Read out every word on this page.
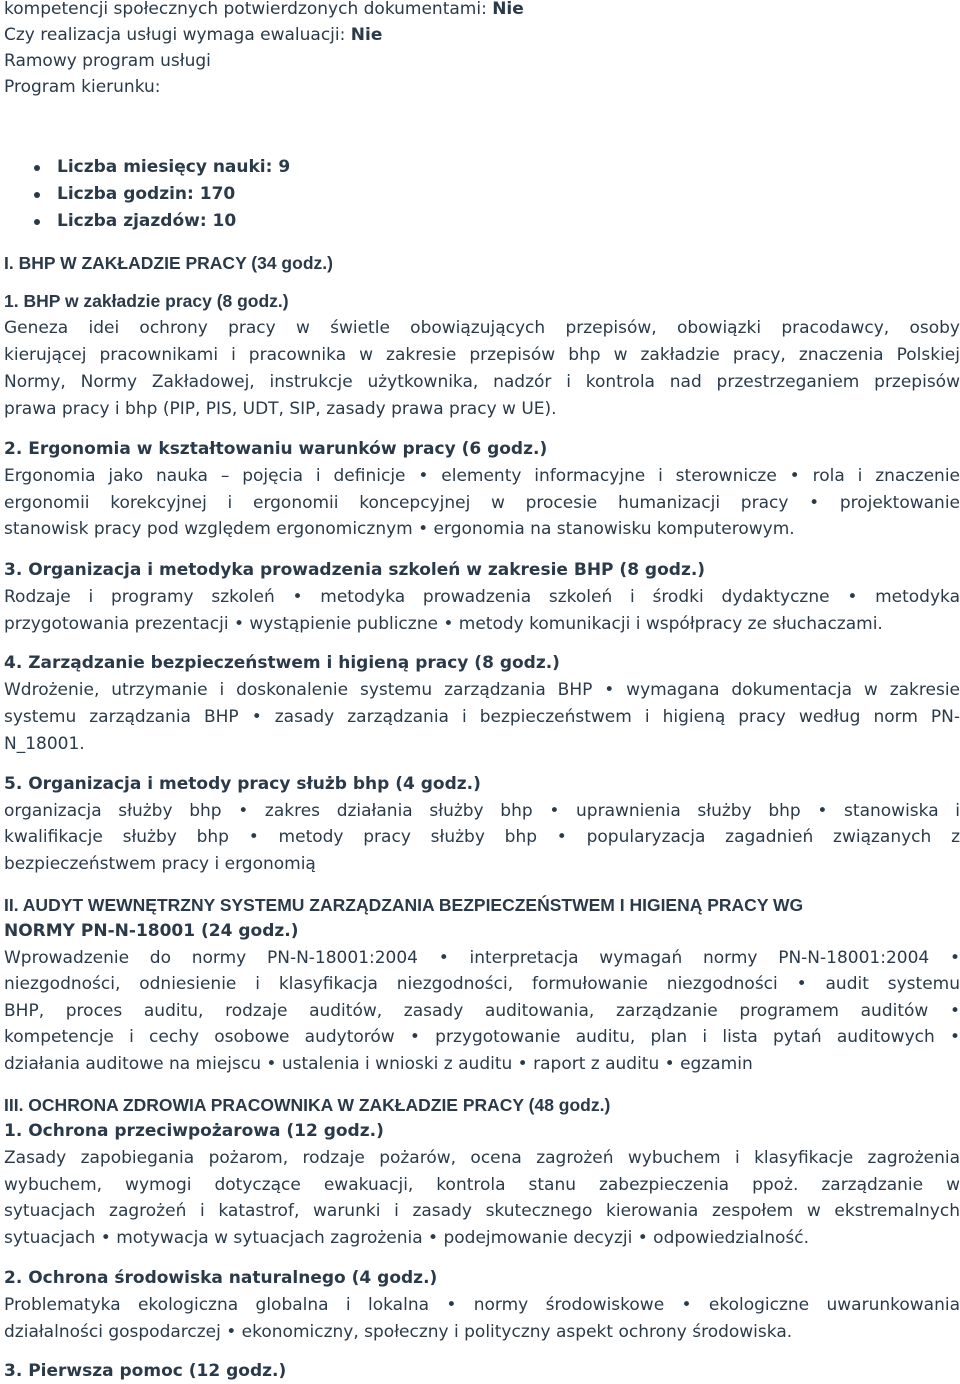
kompetencji społecznych potwierdzonych dokumentami: Nie
Czy realizacja usługi wymaga ewaluacji: Nie
Ramowy program usługi
Program kierunku:
Liczba miesięcy nauki: 9
Liczba godzin: 170
Liczba zjazdów: 10
I. BHP W ZAKŁADZIE PRACY (34 godz.)
1. BHP w zakładzie pracy (8 godz.)
Geneza idei ochrony pracy w świetle obowiązujących przepisów, obowiązki pracodawcy, osoby
kierującej pracownikami i pracownika w zakresie przepisów bhp w zakładzie pracy, znaczenia Polskiej
Normy, Normy Zakładowej, instrukcje użytkownika, nadzór i kontrola nad przestrzeganiem przepisów
prawa pracy i bhp (PIP, PIS, UDT, SIP, zasady prawa pracy w UE).
2. Ergonomia w kształtowaniu warunków pracy (6 godz.)
Ergonomia jako nauka – pojęcia i definicje • elementy informacyjne i sterownicze • rola i znaczenie
ergonomii korekcyjnej i ergonomii koncepcyjnej w procesie humanizacji pracy • projektowanie
stanowisk pracy pod względem ergonomicznym • ergonomia na stanowisku komputerowym.
3. Organizacja i metodyka prowadzenia szkoleń w zakresie BHP (8 godz.)
Rodzaje i programy szkoleń • metodyka prowadzenia szkoleń i środki dydaktyczne • metodyka
przygotowania prezentacji • wystąpienie publiczne • metody komunikacji i współpracy ze słuchaczami.
4. Zarządzanie bezpieczeństwem i higieną pracy (8 godz.)
Wdrożenie, utrzymanie i doskonalenie systemu zarządzania BHP • wymagana dokumentacja w zakresie
systemu zarządzania BHP • zasady zarządzania i bezpieczeństwem i higieną pracy według norm PN-
N_18001.
5. Organizacja i metody pracy służb bhp (4 godz.)
organizacja służby bhp • zakres działania służby bhp • uprawnienia służby bhp • stanowiska i
kwalifikacje służby bhp • metody pracy służby bhp • popularyzacja zagadnień związanych z
bezpieczeństwem pracy i ergonomią
II. AUDYT WEWNĘTRZNY SYSTEMU ZARZĄDZANIA BEZPIECZEŃSTWEM I HIGIENĄ PRACY WG
NORMY PN-N-18001 (24 godz.)
Wprowadzenie do normy PN-N-18001:2004 • interpretacja wymagań normy PN-N-18001:2004 •
niezgodności, odniesienie i klasyfikacja niezgodności, formułowanie niezgodności • audit systemu
BHP, proces auditu, rodzaje auditów, zasady auditowania, zarządzanie programem auditów •
kompetencje i cechy osobowe audytorów • przygotowanie auditu, plan i lista pytań auditowych •
działania auditowe na miejscu • ustalenia i wnioski z auditu • raport z auditu • egzamin
III. OCHRONA ZDROWIA PRACOWNIKA W ZAKŁADZIE PRACY (48 godz.)
1. Ochrona przeciwpożarowa (12 godz.)
Zasady zapobiegania pożarom, rodzaje pożarów, ocena zagrożeń wybuchem i klasyfikacje zagrożenia
wybuchem, wymogi dotyczące ewakuacji, kontrola stanu zabezpieczenia ppoż. zarządzanie w
sytuacjach zagrożeń i katastrof, warunki i zasady skutecznego kierowania zespołem w ekstremalnych
sytuacjach • motywacja w sytuacjach zagrożenia • podejmowanie decyzji • odpowiedzialność.
2. Ochrona środowiska naturalnego (4 godz.)
Problematyka ekologiczna globalna i lokalna • normy środowiskowe • ekologiczne uwarunkowania
działalności gospodarczej • ekonomiczny, społeczny i polityczny aspekt ochrony środowiska.
3. Pierwsza pomoc (12 godz.)
